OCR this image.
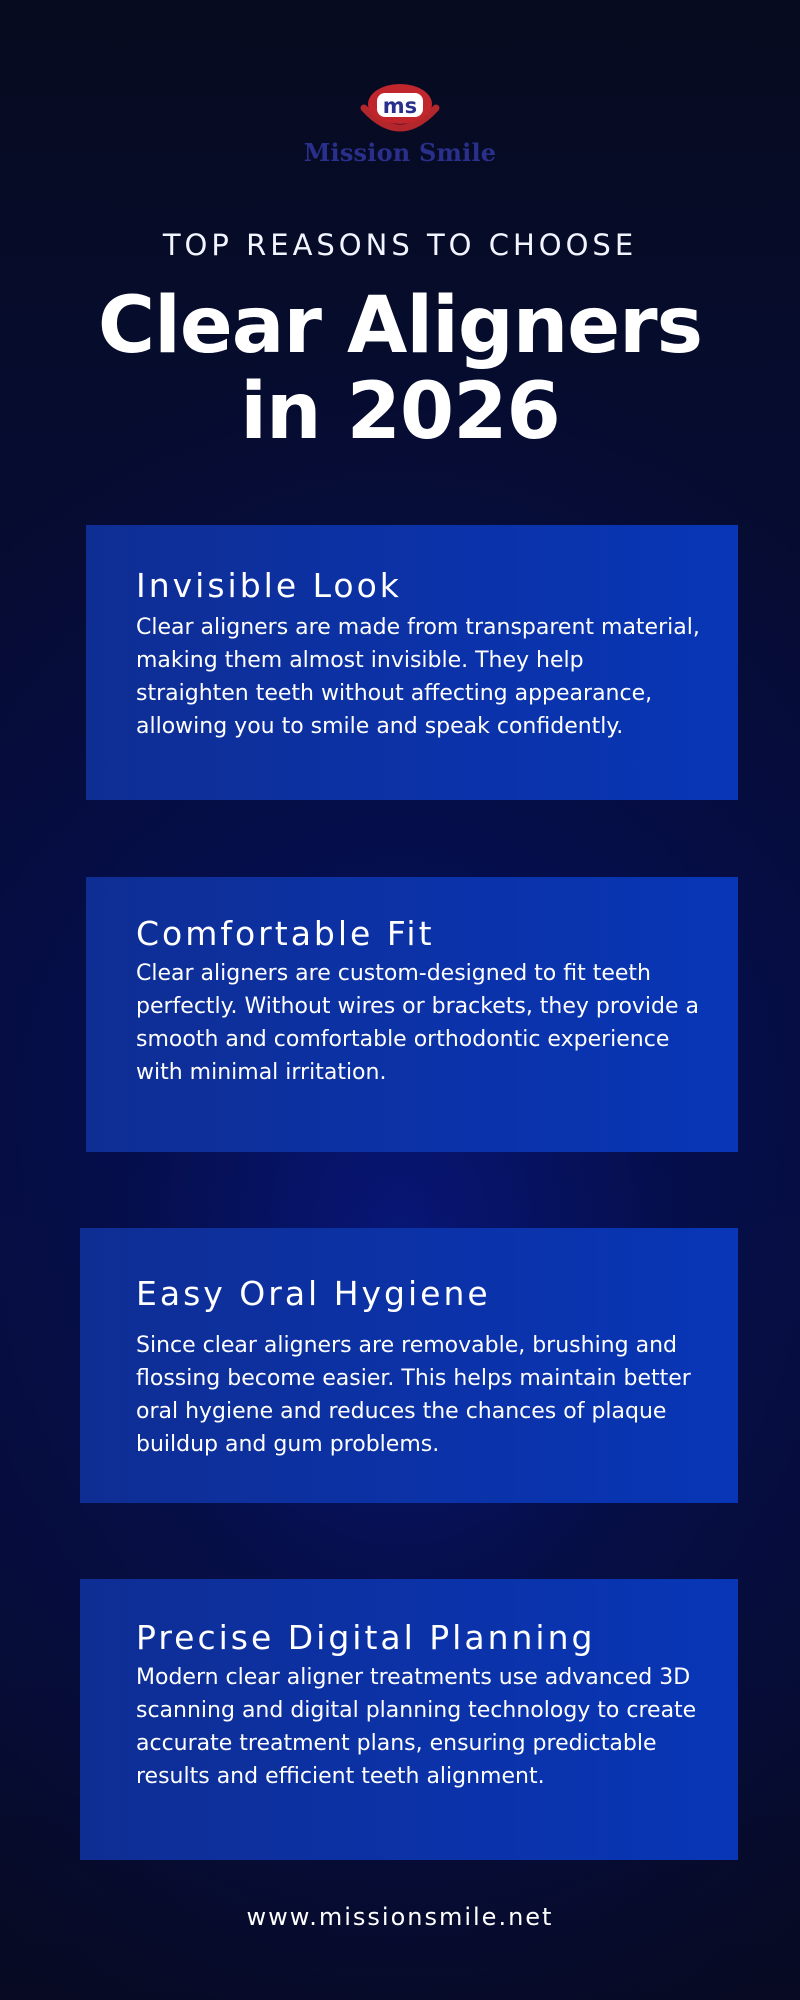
ms
Mission Smile
TOP REASONS TO CHOOSE
Clear Aligners
in 2026

Invisible Look

Clear aligners are made from transparent material, making them almost invisible. They help straighten teeth without affecting appearance, allowing you to smile and speak confidently.

Comfortable Fit

Clear aligners are custom-designed to fit teeth perfectly. Without wires or brackets, they provide a smooth and comfortable orthodontic experience with minimal irritation.

Easy Oral Hygiene

Since clear aligners are removable, brushing and flossing become easier. This helps maintain better oral hygiene and reduces the chances of plaque buildup and gum problems.

Precise Digital Planning

Modern clear aligner treatments use advanced 3D scanning and digital planning technology to create accurate treatment plans, ensuring predictable results and efficient teeth alignment.

www.missionsmile.net
